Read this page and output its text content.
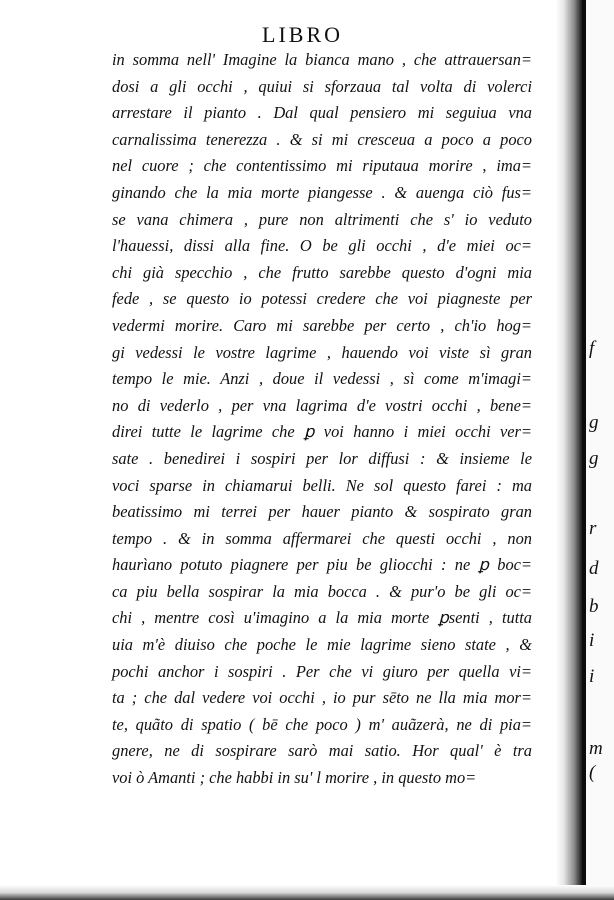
LIBRO
in somma nell' Imagine la bianca mano , che attrauersan=
dosi a gli occhi , quiui si sforzaua tal volta di volerci
arrestare il pianto . Dal qual pensiero mi seguiua vna
carnalissima tenerezza . & si mi cresceua a poco a poco
nel cuore ; che contentissimo mi riputaua morire , ima=
ginando che la mia morte piangesse . & auenga ciò fus=
se vana chimera , pure non altrimenti che s' io veduto
l'hauessi, dissi alla fine. O be gli occhi , d'e miei oc=
chi già specchio , che frutto sarebbe questo d'ogni mia
fede , se questo io potessi credere che voi piagneste per
vedermi morire. Caro mi sarebbe per certo , ch'io hog=
gi vedessi le vostre lagrime , hauendo voi viste sì gran
tempo le mie. Anzi , doue il vedessi , sì come m'imagi=
no di vederlo , per vna lagrima d'e vostri occhi , bene=
direi tutte le lagrime che ꝑ voi hanno i miei occhi ver=
sate . benedirei i sospiri per lor diffusi : & insieme le
voci sparse in chiamarui belli. Ne sol questo farei : ma
beatissimo mi terrei per hauer pianto & sospirato gran
tempo . & in somma affermarei che questi occhi , non
haurìano potuto piagnere per piu be gliocchi : ne ꝑ boc=
ca piu bella sospirar la mia bocca . & pur'o be gli oc=
chi , mentre così u'imagino a la mia morte ꝑsenti , tutta
uia m'è diuiso che poche le mie lagrime sieno state , &
pochi anchor i sospiri . Per che vi giuro per quella vi=
ta ; che dal vedere voi occhi , io pur sēto ne lla mia mor=
te, quãto di spatio ( bē che poco ) m' auãzerà, ne di pia=
gnere, ne di sospirare sarò mai satio. Hor qual' è tra
voi ò Amanti ; che habbi in su' l morire , in questo mo=
f
g
g
r
d
b
i
i
m
(
